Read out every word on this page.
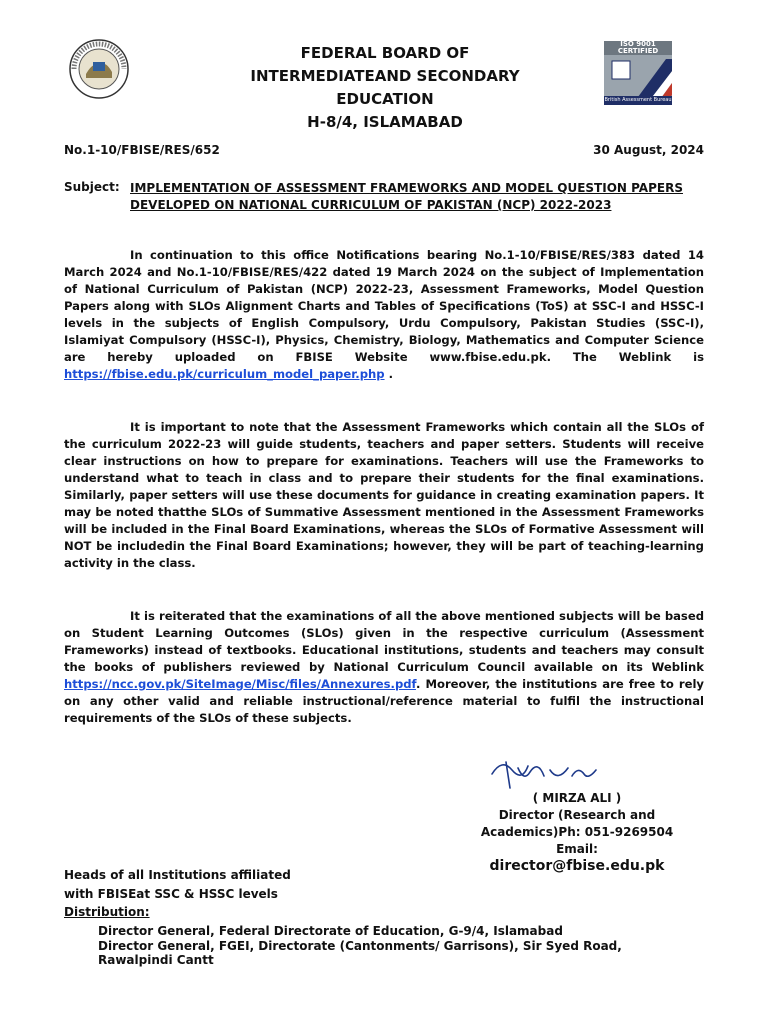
FEDERAL BOARD OF
INTERMEDIATEAND SECONDARY
EDUCATION
H-8/4, ISLAMABAD
ISO 9001 CERTIFIED
British Assessment Bureau
No.1-10/FBISE/RES/652	30 August, 2024
Subject: IMPLEMENTATION OF ASSESSMENT FRAMEWORKS AND MODEL QUESTION PAPERS DEVELOPED ON NATIONAL CURRICULUM OF PAKISTAN (NCP) 2022-2023
In continuation to this office Notifications bearing No.1-10/FBISE/RES/383 dated 14 March 2024 and No.1-10/FBISE/RES/422 dated 19 March 2024 on the subject of Implementation of National Curriculum of Pakistan (NCP) 2022-23, Assessment Frameworks, Model Question Papers along with SLOs Alignment Charts and Tables of Specifications (ToS) at SSC-I and HSSC-I levels in the subjects of English Compulsory, Urdu Compulsory, Pakistan Studies (SSC-I), Islamiyat Compulsory (HSSC-I), Physics, Chemistry, Biology, Mathematics and Computer Science are hereby uploaded on FBISE Website www.fbise.edu.pk. The Weblink is https://fbise.edu.pk/curriculum_model_paper.php .
It is important to note that the Assessment Frameworks which contain all the SLOs of the curriculum 2022-23 will guide students, teachers and paper setters. Students will receive clear instructions on how to prepare for examinations. Teachers will use the Frameworks to understand what to teach in class and to prepare their students for the final examinations. Similarly, paper setters will use these documents for guidance in creating examination papers. It may be noted thatthe SLOs of Summative Assessment mentioned in the Assessment Frameworks will be included in the Final Board Examinations, whereas the SLOs of Formative Assessment will NOT be includedin the Final Board Examinations; however, they will be part of teaching-learning activity in the class.
It is reiterated that the examinations of all the above mentioned subjects will be based on Student Learning Outcomes (SLOs) given in the respective curriculum (Assessment Frameworks) instead of textbooks. Educational institutions, students and teachers may consult the books of publishers reviewed by National Curriculum Council available on its Weblink https://ncc.gov.pk/SiteImage/Misc/files/Annexures.pdf. Moreover, the institutions are free to rely on any other valid and reliable instructional/reference material to fulfil the instructional requirements of the SLOs of these subjects.
( MIRZA ALI )
Director (Research and
Academics)Ph: 051-9269504
Email:
director@fbise.edu.pk
Heads of all Institutions affiliated
with FBISEat SSC & HSSC levels
Distribution:
Director General, Federal Directorate of Education, G-9/4, Islamabad
Director General, FGEI, Directorate (Cantonments/ Garrisons), Sir Syed Road,
Rawalpindi Cantt
